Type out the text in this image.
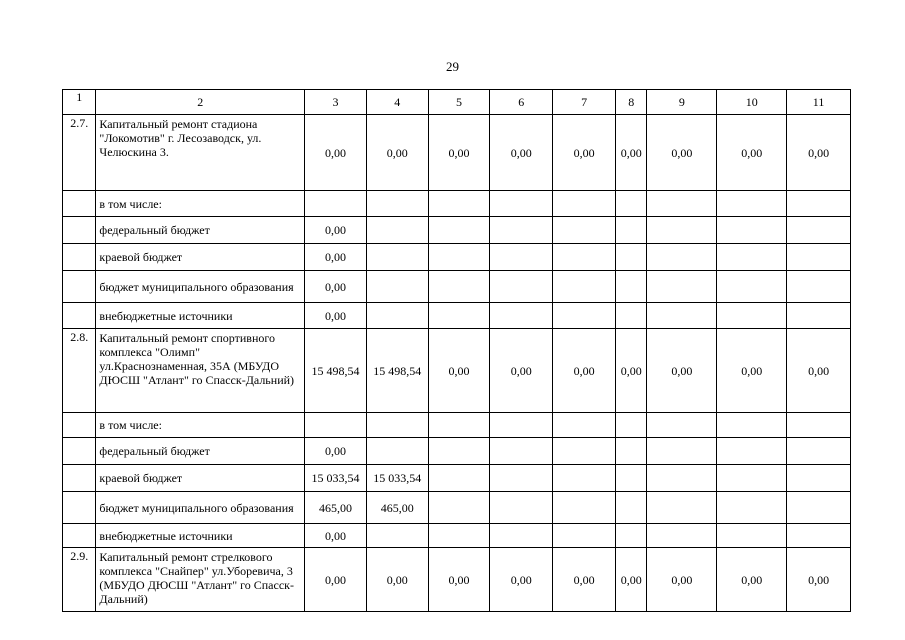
29
1	2	3	4	5	6	7	8	9	10	11
2.7.	Капитальный ремонт стадиона "Локомотив" г. Лесозаводск, ул. Челюскина 3.	0,00	0,00	0,00	0,00	0,00	0,00	0,00	0,00	0,00
	в том числе:									
	федеральный бюджет	0,00								
	краевой бюджет	0,00								
	бюджет муниципального образования	0,00								
	внебюджетные источники	0,00								
2.8.	Капитальный ремонт спортивного комплекса "Олимп" ул.Краснознаменная, 35А (МБУДО ДЮСШ "Атлант" го Спасск-Дальний)	15 498,54	15 498,54	0,00	0,00	0,00	0,00	0,00	0,00	0,00
	в том числе:									
	федеральный бюджет	0,00								
	краевой бюджет	15 033,54	15 033,54							
	бюджет муниципального образования	465,00	465,00							
	внебюджетные источники	0,00								
2.9.	Капитальный ремонт стрелкового комплекса "Снайпер" ул.Уборевича, 3 (МБУДО ДЮСШ "Атлант" го Спасск-Дальний)	0,00	0,00	0,00	0,00	0,00	0,00	0,00	0,00	0,00
